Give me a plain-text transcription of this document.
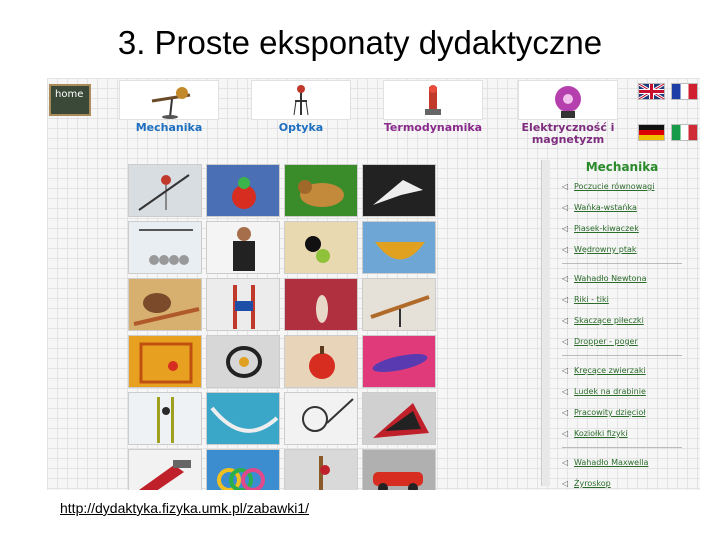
3. Proste eksponaty dydaktyczne
home
Mechanika	Optyka	Termodynamika	Elektryczność i magnetyzm
Mechanika
◁ Poczucie równowagi
◁ Wańka-wstańka
◁ Piasek-kiwaczek
◁ Wędrowny ptak
◁ Wahadło Newtona
◁ Riki - tiki
◁ Skaczące piłeczki
◁ Dropper - poger
◁ Kręcące zwierzaki
◁ Ludek na drabinie
◁ Pracowity dzięcioł
◁ Koziołki fizyki
◁ Wahadło Maxwella
◁ Żyroskop
http://dydaktyka.fizyka.umk.pl/zabawki1/
